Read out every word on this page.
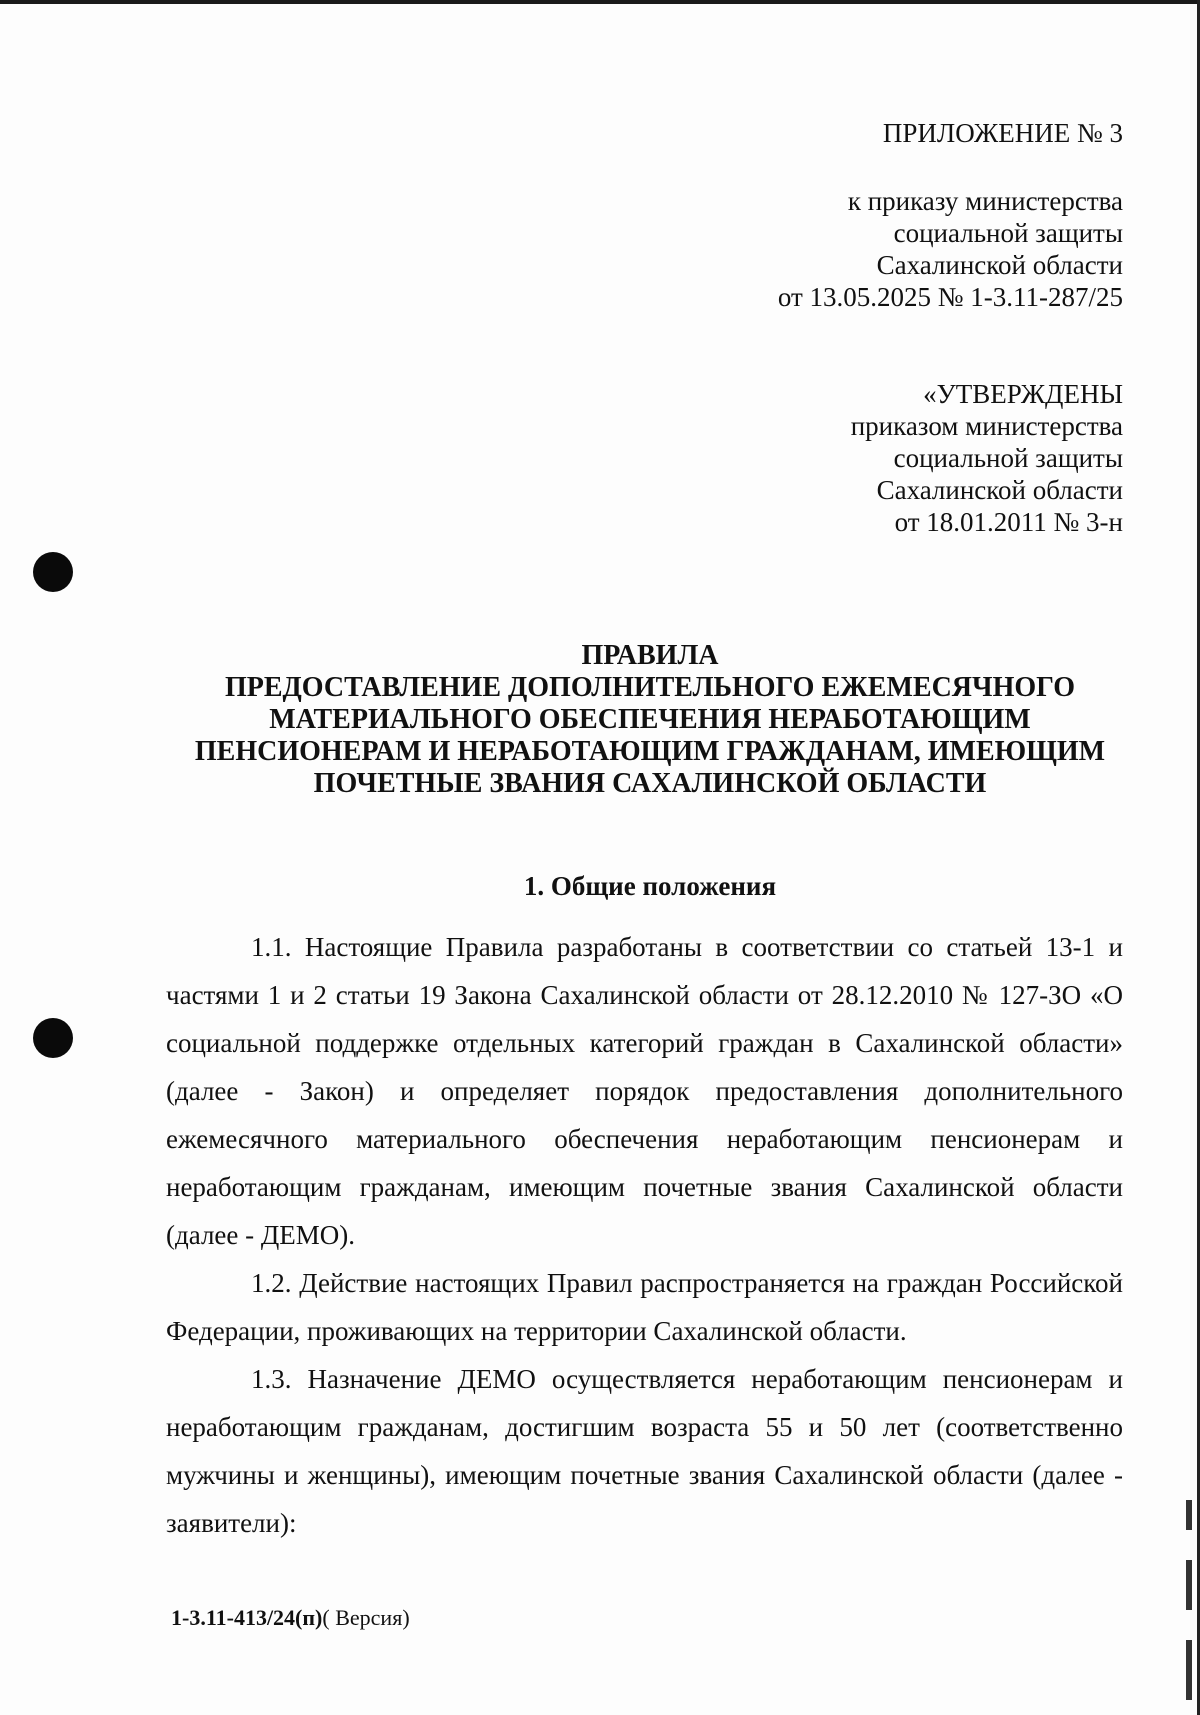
ПРИЛОЖЕНИЕ № 3
к приказу министерства
социальной защиты
Сахалинской области
от 13.05.2025 № 1-3.11-287/25
«УТВЕРЖДЕНЫ
приказом министерства
социальной защиты
Сахалинской области
от 18.01.2011 № 3-н
ПРАВИЛА
ПРЕДОСТАВЛЕНИЕ ДОПОЛНИТЕЛЬНОГО ЕЖЕМЕСЯЧНОГО
МАТЕРИАЛЬНОГО ОБЕСПЕЧЕНИЯ НЕРАБОТАЮЩИМ
ПЕНСИОНЕРАМ И НЕРАБОТАЮЩИМ ГРАЖДАНАМ, ИМЕЮЩИМ
ПОЧЕТНЫЕ ЗВАНИЯ САХАЛИНСКОЙ ОБЛАСТИ
1. Общие положения

1.1. Настоящие Правила разработаны в соответствии со статьей 13-1 и частями 1 и 2 статьи 19 Закона Сахалинской области от 28.12.2010 № 127-ЗО «О социальной поддержке отдельных категорий граждан в Сахалинской области» (далее - Закон) и определяет порядок предоставления дополнительного ежемесячного материального обеспечения неработающим пенсионерам и неработающим гражданам, имеющим почетные звания Сахалинской области (далее - ДЕМО).

1.2. Действие настоящих Правил распространяется на граждан Российской Федерации, проживающих на территории Сахалинской области.

1.3. Назначение ДЕМО осуществляется неработающим пенсионерам и неработающим гражданам, достигшим возраста 55 и 50 лет (соответственно мужчины и женщины), имеющим почетные звания Сахалинской области (далее - заявители):

1-3.11-413/24(п)( Версия)
